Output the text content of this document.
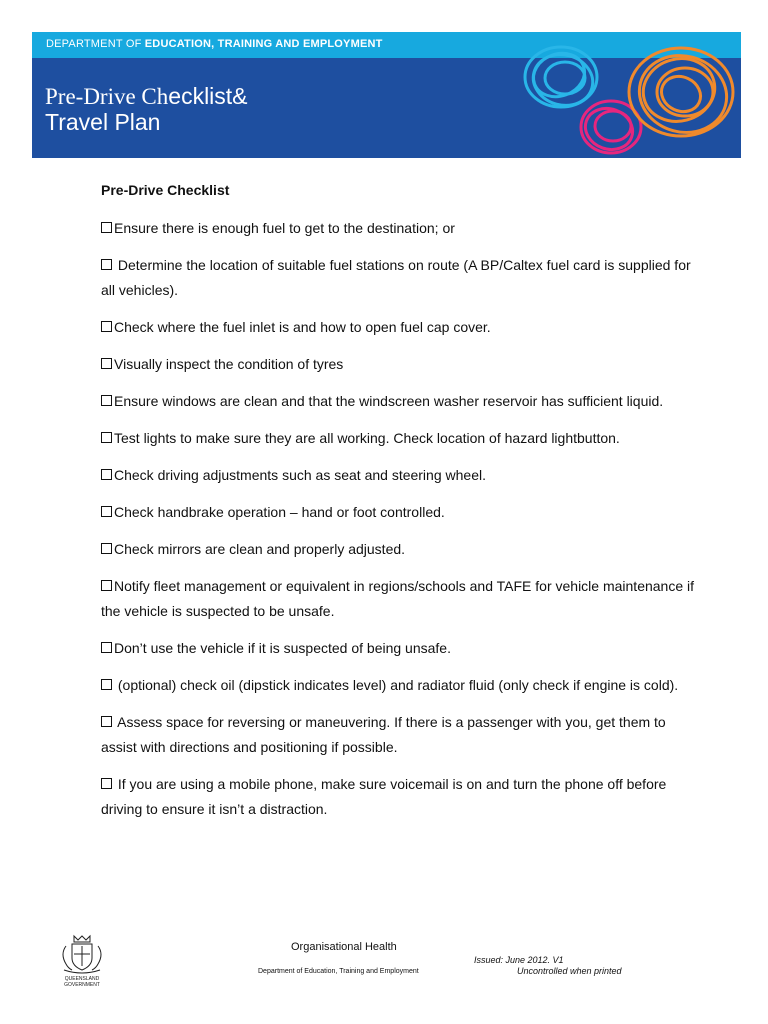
DEPARTMENT OF EDUCATION, TRAINING AND EMPLOYMENT
Pre-Drive Checklist&
Travel Plan
Pre-Drive Checklist
Ensure there is enough fuel to get to the destination; or
Determine the location of suitable fuel stations on route (A BP/Caltex fuel card is supplied for all vehicles).
Check where the fuel inlet is and how to open fuel cap cover.
Visually inspect the condition of tyres
Ensure windows are clean and that the windscreen washer reservoir has sufficient liquid.
Test lights to make sure they are all working. Check location of hazard lightbutton.
Check driving adjustments such as seat and steering wheel.
Check handbrake operation – hand or foot controlled.
Check mirrors are clean and properly adjusted.
Notify fleet management or equivalent in regions/schools and TAFE for vehicle maintenance if the vehicle is suspected to be unsafe.
Don’t use the vehicle if it is suspected of being unsafe.
(optional) check oil (dipstick indicates level) and radiator fluid (only check if engine is cold).
Assess space for reversing or maneuvering. If there is a passenger with you, get them to assist with directions and positioning if possible.
If you are using a mobile phone, make sure voicemail is on and turn the phone off before driving to ensure it isn’t a distraction.
QUEENSLAND
GOVERNMENT
Organisational Health
Department of Education, Training and Employment
Issued: June 2012. V1
Uncontrolled when printed
